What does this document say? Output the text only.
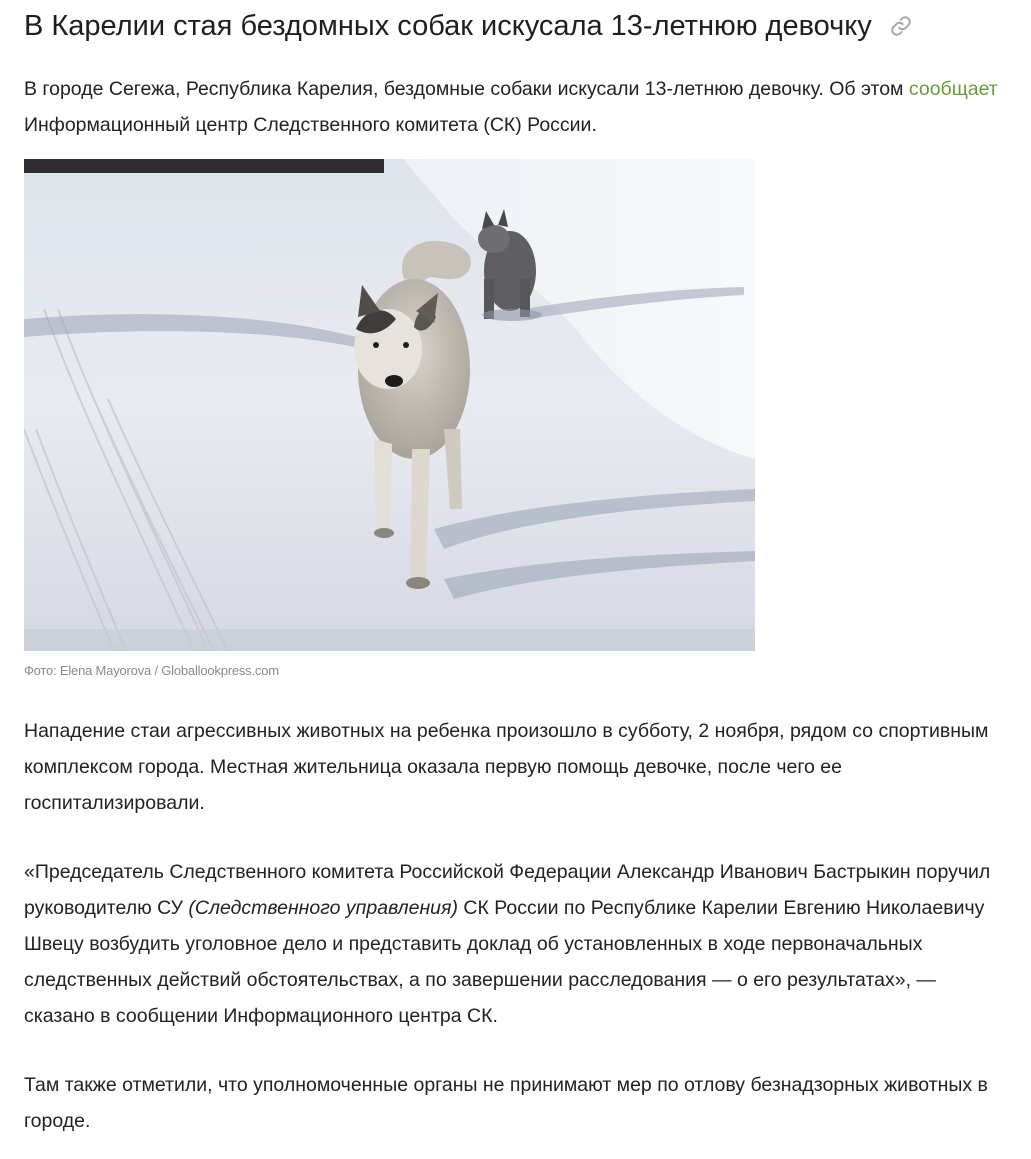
В Карелии стая бездомных собак искусала 13-летнюю девочку

В городе Сегежа, Республика Карелия, бездомные собаки искусали 13-летнюю девочку. Об этом сообщает Информационный центр Следственного комитета (СК) России.

Фото: Elena Mayorova / Globallookpress.com

Нападение стаи агрессивных животных на ребенка произошло в субботу, 2 ноября, рядом со спортивным комплексом города. Местная жительница оказала первую помощь девочке, после чего ее госпитализировали.

«Председатель Следственного комитета Российской Федерации Александр Иванович Бастрыкин поручил руководителю СУ (Следственного управления) СК России по Республике Карелии Евгению Николаевичу Швецу возбудить уголовное дело и представить доклад об установленных в ходе первоначальных следственных действий обстоятельствах, а по завершении расследования — о его результатах», — сказано в сообщении Информационного центра СК.

Там также отметили, что уполномоченные органы не принимают мер по отлову безнадзорных животных в городе.
